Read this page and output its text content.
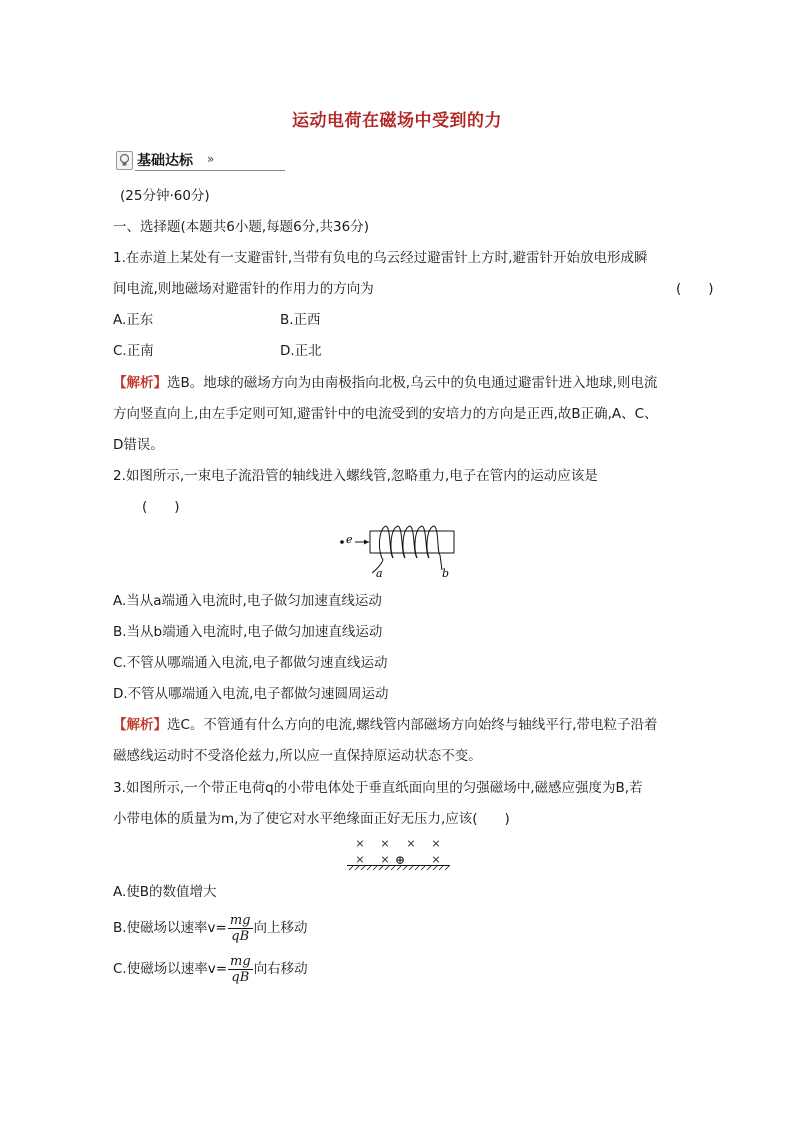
运动电荷在磁场中受到的力
基础达标 »
(25分钟·60分)
一、选择题(本题共6小题,每题6分,共36分)
1.在赤道上某处有一支避雷针,当带有负电的乌云经过避雷针上方时,避雷针开始放电形成瞬
间电流,则地磁场对避雷针的作用力的方向为	(　　)
A.正东	B.正西
C.正南	D.正北
【解析】选B。地球的磁场方向为由南极指向北极,乌云中的负电通过避雷针进入地球,则电流
方向竖直向上,由左手定则可知,避雷针中的电流受到的安培力的方向是正西,故B正确,A、C、
D错误。
2.如图所示,一束电子流沿管的轴线进入螺线管,忽略重力,电子在管内的运动应该是
(　　)
e
a	b
A.当从a端通入电流时,电子做匀加速直线运动
B.当从b端通入电流时,电子做匀加速直线运动
C.不管从哪端通入电流,电子都做匀速直线运动
D.不管从哪端通入电流,电子都做匀速圆周运动
【解析】选C。不管通有什么方向的电流,螺线管内部磁场方向始终与轴线平行,带电粒子沿着
磁感线运动时不受洛伦兹力,所以应一直保持原运动状态不变。
3.如图所示,一个带正电荷q的小带电体处于垂直纸面向里的匀强磁场中,磁感应强度为B,若
小带电体的质量为m,为了使它对水平绝缘面正好无压力,应该(　　)
× × × ×
× ×	×
⊕
A.使B的数值增大
B.使磁场以速率$v= \frac{mg}{qB}$ 向上移动
C.使磁场以速率$v= \frac{mg}{qB}$ 向右移动
